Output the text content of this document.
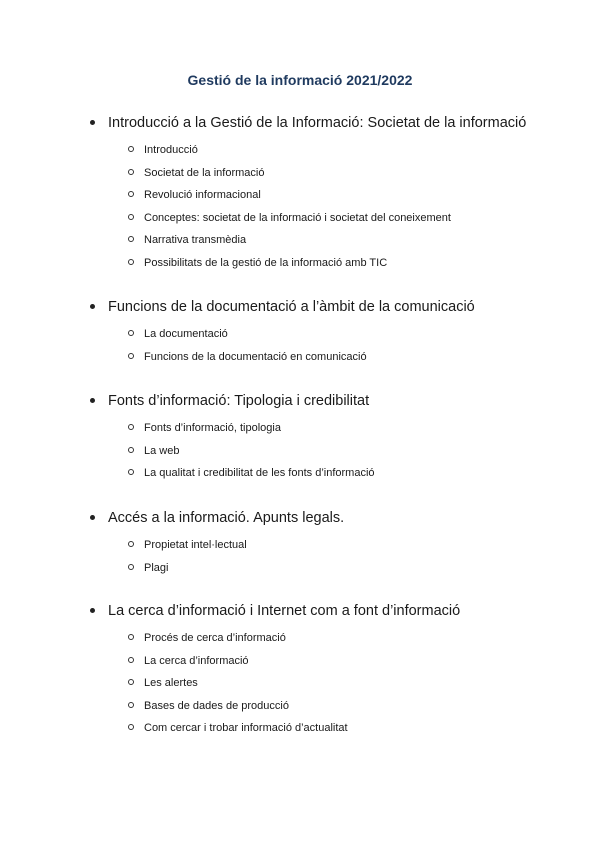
Gestió de la informació 2021/2022
Introducció a la Gestió de la Informació: Societat de la informació
Introducció
Societat de la informació
Revolució informacional
Conceptes: societat de la informació i societat del coneixement
Narrativa transmèdia
Possibilitats de la gestió de la informació amb TIC
Funcions de la documentació a l’àmbit de la comunicació
La documentació
Funcions de la documentació en comunicació
Fonts d’informació: Tipologia i credibilitat
Fonts d’informació, tipologia
La web
La qualitat i credibilitat de les fonts d’informació
Accés a la informació. Apunts legals.
Propietat intel·lectual
Plagi
La cerca d’informació i Internet com a font d’informació
Procés de cerca d’informació
La cerca d’informació
Les alertes
Bases de dades de producció
Com cercar i trobar informació d’actualitat
